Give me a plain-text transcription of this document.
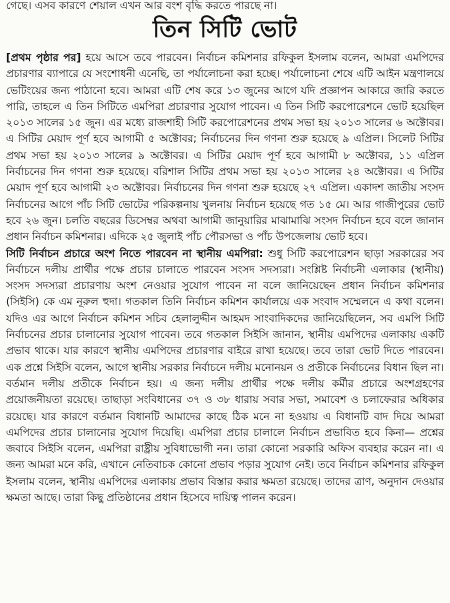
গেছে। এসব কারণে শেয়াল এখন আর বংশ বৃদ্ধি করতে পারছে না।

তিন সিটি ভোট

[প্রথম পৃষ্ঠার পর] হয়ে আসে তবে পারবেন। নির্বাচন কমিশনার রফিকুল ইসলাম বলেন, আমরা এমপিদের প্রচারণার ব্যাপারে যে সংশোধনী এনেছি, তা পর্যালোচনা করা হচ্ছে। পর্যালোচনা শেষে এটি আইন মন্ত্রণালয়ে ভেটিংয়ের জন্য পাঠানো হবে। আমরা এটি শেষ করে ১৩ জুনের আগে যদি প্রজ্ঞাপন আকারে জারি করতে পারি, তাহলে এ তিন সিটিতে এমপিরা প্রচারণার সুযোগ পাবেন। এ তিন সিটি করপোরেশনে ভোট হয়েছিল ২০১৩ সালের ১৫ জুন। এর মধ্যে রাজশাহী সিটি করপোরেশনের প্রথম সভা হয় ২০১৩ সালের ৬ অক্টোবর। এ সিটির মেয়াদ পূর্ণ হবে আগামী ৫ অক্টোবর; নির্বাচনের দিন গণনা শুরু হয়েছে ৯ এপ্রিল। সিলেট সিটির প্রথম সভা হয় ২০১৩ সালের ৯ অক্টোবর। এ সিটির মেয়াদ পূর্ণ হবে আগামী ৮ অক্টোবর, ১১ এপ্রিল নির্বাচনের দিন গণনা শুরু হয়েছে। বরিশাল সিটির প্রথম সভা হয় ২০১৩ সালের ২৪ অক্টোবর। এ সিটির মেয়াদ পূর্ণ হবে আগামী ২৩ অক্টোবর। নির্বাচনের দিন গণনা শুরু হয়েছে ২৭ এপ্রিল। একাদশ জাতীয় সংসদ নির্বাচনের আগে পাঁচ সিটি ভোটের পরিকল্পনায় খুলনায় নির্বাচন হয়েছে গত ১৫ মে। আর গাজীপুরের ভোট হবে ২৬ জুন। চলতি বছরের ডিসেম্বর অথবা আগামী জানুয়ারির মাঝামাঝি সংসদ নির্বাচন হবে বলে জানান প্রধান নির্বাচন কমিশনার। এদিকে ২৫ জুলাই পাঁচ পৌরসভা ও পাঁচ উপজেলায় ভোট হবে।

সিটি নির্বাচন প্রচারে অংশ নিতে পারবেন না স্থানীয় এমপিরা: শুধু সিটি করপোরেশন ছাড়া সরকারের সব নির্বাচনে দলীয় প্রার্থীর পক্ষে প্রচার চালাতে পারবেন সংসদ সদস্যরা। সংশ্লিষ্ট নির্বাচনী এলাকার (স্থানীয়) সংসদ সদস্যরা প্রচারণায় অংশ নেওয়ার সুযোগ পাবেন না বলে জানিয়েছেন প্রধান নির্বাচন কমিশনার (সিইসি) কে এম নূরুল হুদা। গতকাল তিনি নির্বাচন কমিশন কার্যালয়ে এক সংবাদ সম্মেলনে এ কথা বলেন। যদিও এর আগে নির্বাচন কমিশন সচিব হেলালুদ্দীন আহমদ সাংবাদিকদের জানিয়েছিলেন, সব এমপি সিটি নির্বাচনের প্রচার চালানোর সুযোগ পাবেন। তবে গতকাল সিইসি জানান, স্থানীয় এমপিদের এলাকায় একটি প্রভাব থাকে। যার কারণে স্থানীয় এমপিদের প্রচারণার বাইরে রাখা হয়েছে। তবে তারা ভোট দিতে পারবেন। এক প্রশ্নে সিইসি বলেন, আগে স্থানীয় সরকার নির্বাচনে দলীয় মনোনয়ন ও প্রতীকে নির্বাচনের বিধান ছিল না। বর্তমান দলীয় প্রতীকে নির্বাচন হয়। এ জন্য দলীয় প্রার্থীর পক্ষে দলীয় কর্মীর প্রচারে অংশগ্রহণের প্রয়োজনীয়তা রয়েছে। তাছাড়া সংবিধানের ৩৭ ও ৩৮ ধারায় সবার সভা, সমাবেশ ও চলাফেরার অধিকার রয়েছে। যার কারণে বর্তমান বিধানটি আমাদের কাছে ঠিক মনে না হওয়ায় এ বিধানটি বাদ দিয়ে আমরা এমপিদের প্রচার চালানোর সুযোগ দিয়েছি। এমপিরা প্রচার চালালে নির্বাচন প্রভাবিত হবে কিনা— প্রশ্নের জবাবে সিইসি বলেন, এমপিরা রাষ্ট্রীয় সুবিধাভোগী নন। তারা কোনো সরকারি অফিস ব্যবহার করেন না। এ জন্য আমরা মনে করি, এখানে নেতিবাচক কোনো প্রভাব পড়ার সুযোগ নেই। তবে নির্বাচন কমিশনার রফিকুল ইসলাম বলেন, স্থানীয় এমপিদের এলাকায় প্রভাব বিস্তার করার ক্ষমতা রয়েছে। তাদের ত্রাণ, অনুদান দেওয়ার ক্ষমতা আছে। তারা কিছু প্রতিষ্ঠানের প্রধান হিসেবে দায়িত্ব পালন করেন।
